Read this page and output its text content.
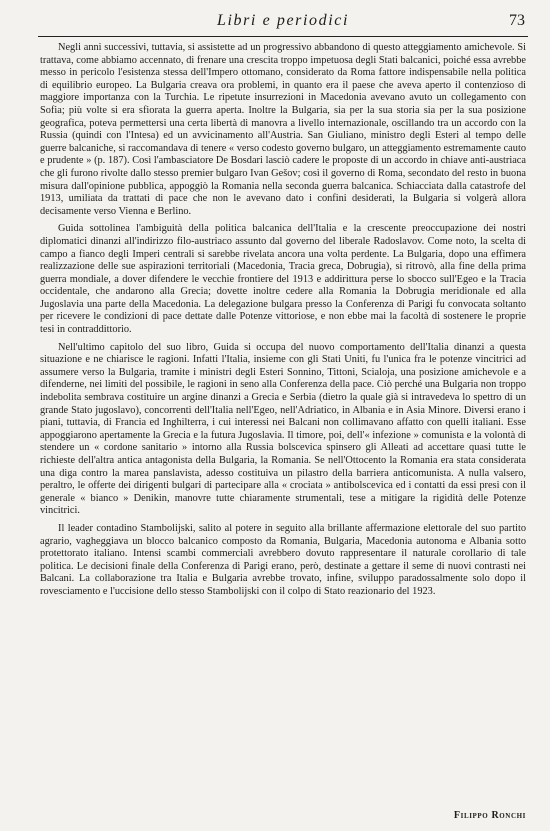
Libri e periodici	73

Negli anni successivi, tuttavia, si assistette ad un progressivo abbandono di questo atteggiamento amichevole. Si trattava, come abbiamo accennato, di frenare una crescita troppo impetuosa degli Stati balcanici, poiché essa avrebbe messo in pericolo l'esistenza stessa dell'Impero ottomano, considerato da Roma fattore indispensabile nella politica di equilibrio europeo. La Bulgaria creava ora problemi, in quanto era il paese che aveva aperto il contenzioso di maggiore importanza con la Turchia. Le ripetute insurrezioni in Macedonia avevano avuto un collegamento con Sofia; più volte si era sfiorata la guerra aperta. Inoltre la Bulgaria, sia per la sua storia sia per la sua posizione geografica, poteva permettersi una certa libertà di manovra a livello internazionale, oscillando tra un accordo con la Russia (quindi con l'Intesa) ed un avvicinamento all'Austria. San Giuliano, ministro degli Esteri al tempo delle guerre balcaniche, si raccomandava di tenere « verso codesto governo bulgaro, un atteggiamento estremamente cauto e prudente » (p. 187). Così l'ambasciatore De Bosdari lasciò cadere le proposte di un accordo in chiave anti-austriaca che gli furono rivolte dallo stesso premier bulgaro Ivan Gešov; così il governo di Roma, secondato del resto in buona misura dall'opinione pubblica, appoggiò la Romania nella seconda guerra balcanica. Schiacciata dalla catastrofe del 1913, umiliata da trattati di pace che non le avevano dato i confini desiderati, la Bulgaria si volgerà allora decisamente verso Vienna e Berlino.

Guida sottolinea l'ambiguità della politica balcanica dell'Italia e la crescente preoccupazione dei nostri diplomatici dinanzi all'indirizzo filo-austriaco assunto dal governo del liberale Radoslavov. Come noto, la scelta di campo a fianco degli Imperi centrali si sarebbe rivelata ancora una volta perdente. La Bulgaria, dopo una effimera realizzazione delle sue aspirazioni territoriali (Macedonia, Tracia greca, Dobrugia), si ritrovò, alla fine della prima guerra mondiale, a dover difendere le vecchie frontiere del 1913 e addirittura perse lo sbocco sull'Egeo e la Tracia occidentale, che andarono alla Grecia; dovette inoltre cedere alla Romania la Dobrugia meridionale ed alla Jugoslavia una parte della Macedonia. La delegazione bulgara presso la Conferenza di Parigi fu convocata soltanto per ricevere le condizioni di pace dettate dalle Potenze vittoriose, e non ebbe mai la facoltà di sostenere le proprie tesi in contraddittorio.

Nell'ultimo capitolo del suo libro, Guida si occupa del nuovo comportamento dell'Italia dinanzi a questa situazione e ne chiarisce le ragioni. Infatti l'Italia, insieme con gli Stati Uniti, fu l'unica fra le potenze vincitrici ad assumere verso la Bulgaria, tramite i ministri degli Esteri Sonnino, Tittoni, Scialoja, una posizione amichevole e a difenderne, nei limiti del possibile, le ragioni in seno alla Conferenza della pace. Ciò perché una Bulgaria non troppo indebolita sembrava costituire un argine dinanzi a Grecia e Serbia (dietro la quale già si intravedeva lo spettro di un grande Stato jugoslavo), concorrenti dell'Italia nell'Egeo, nell'Adriatico, in Albania e in Asia Minore. Diversi erano i piani, tuttavia, di Francia ed Inghilterra, i cui interessi nei Balcani non collimavano affatto con quelli italiani. Esse appoggiarono apertamente la Grecia e la futura Jugoslavia. Il timore, poi, dell'« infezione » comunista e la volontà di stendere un « cordone sanitario » intorno alla Russia bolscevica spinsero gli Alleati ad accettare quasi tutte le richieste dell'altra antica antagonista della Bulgaria, la Romania. Se nell'Ottocento la Romania era stata considerata una diga contro la marea panslavista, adesso costituiva un pilastro della barriera anticomunista. A nulla valsero, peraltro, le offerte dei dirigenti bulgari di partecipare alla « crociata » antibolscevica ed i contatti da essi presi con il generale « bianco » Denikin, manovre tutte chiaramente strumentali, tese a mitigare la rigidità delle Potenze vincitrici.

Il leader contadino Stambolijski, salito al potere in seguito alla brillante affermazione elettorale del suo partito agrario, vagheggiava un blocco balcanico composto da Romania, Bulgaria, Macedonia autonoma e Albania sotto protettorato italiano. Intensi scambi commerciali avrebbero dovuto rappresentare il naturale corollario di tale politica. Le decisioni finale della Conferenza di Parigi erano, però, destinate a gettare il seme di nuovi contrasti nei Balcani. La collaborazione tra Italia e Bulgaria avrebbe trovato, infine, sviluppo paradossalmente solo dopo il rovesciamento e l'uccisione dello stesso Stambolijski con il colpo di Stato reazionario del 1923.

Filippo Ronchi
